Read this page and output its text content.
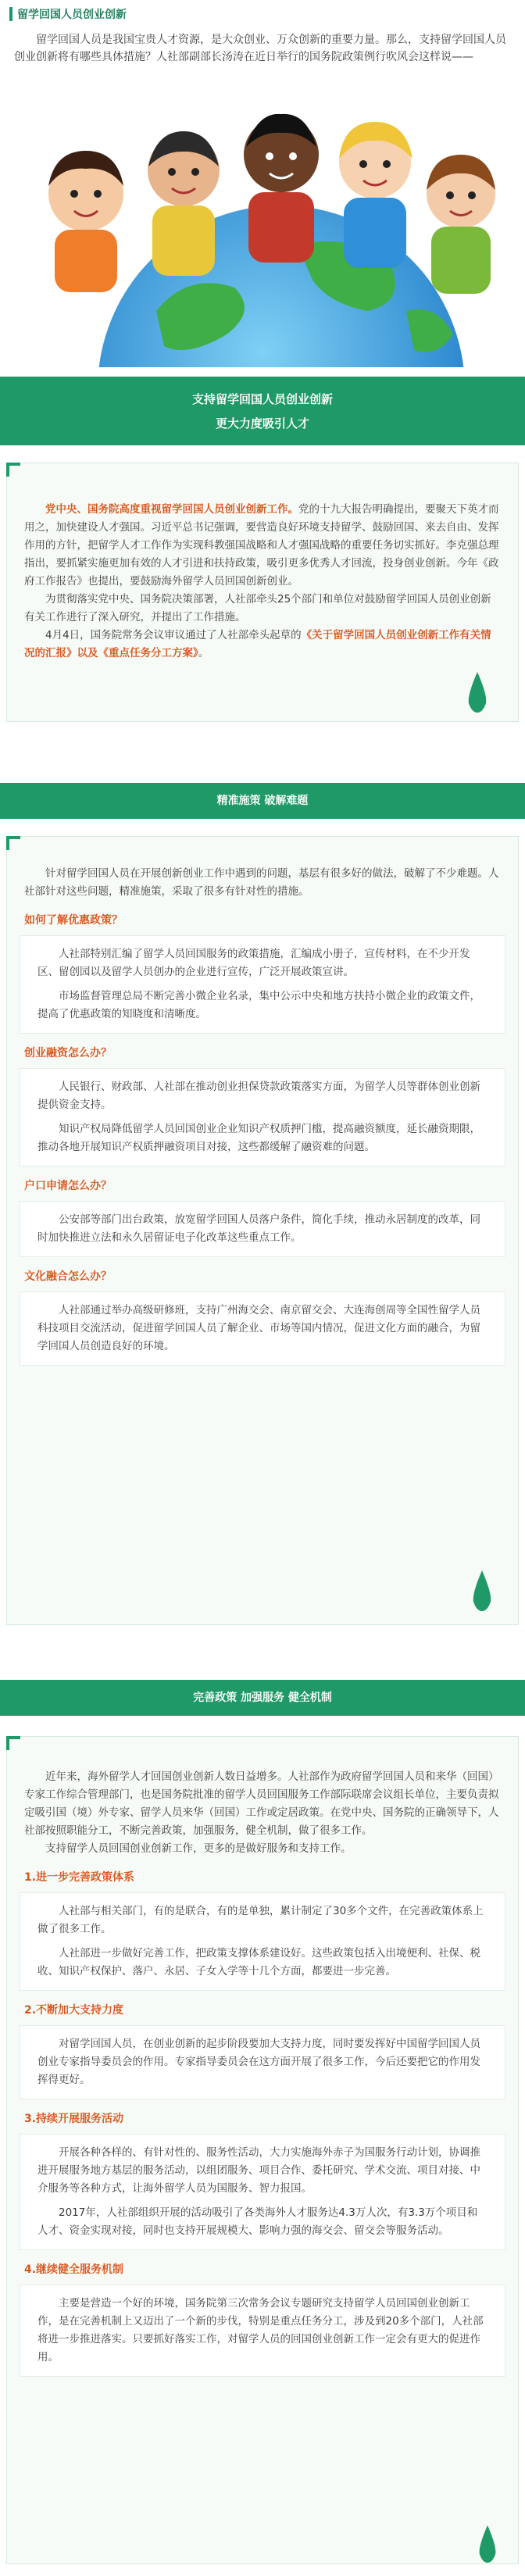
留学回国人员创业创新

留学回国人员是我国宝贵人才资源，是大众创业、万众创新的重要力量。那么，支持留学回国人员创业创新将有哪些具体措施？人社部副部长汤涛在近日举行的国务院政策例行吹风会这样说——

支持留学回国人员创业创新
更大力度吸引人才

党中央、国务院高度重视留学回国人员创业创新工作。党的十九大报告明确提出，要聚天下英才而用之，加快建设人才强国。习近平总书记强调，要营造良好环境支持留学、鼓励回国、来去自由、发挥作用的方针，把留学人才工作作为实现科教强国战略和人才强国战略的重要任务切实抓好。李克强总理指出，要抓紧实施更加有效的人才引进和扶持政策，吸引更多优秀人才回流，投身创业创新。今年《政府工作报告》也提出，要鼓励海外留学人员回国创新创业。

为贯彻落实党中央、国务院决策部署，人社部牵头25个部门和单位对鼓励留学回国人员创业创新有关工作进行了深入研究，并提出了工作措施。

4月4日，国务院常务会议审议通过了人社部牵头起草的《关于留学回国人员创业创新工作有关情况的汇报》以及《重点任务分工方案》。

精准施策 破解难题

针对留学回国人员在开展创新创业工作中遇到的问题，基层有很多好的做法，破解了不少难题。人社部针对这些问题，精准施策，采取了很多有针对性的措施。

如何了解优惠政策？

人社部特别汇编了留学人员回国服务的政策措施，汇编成小册子，宣传材料，在不少开发区、留创园以及留学人员创办的企业进行宣传，广泛开展政策宣讲。

市场监督管理总局不断完善小微企业名录，集中公示中央和地方扶持小微企业的政策文件，提高了优惠政策的知晓度和清晰度。

创业融资怎么办？

人民银行、财政部、人社部在推动创业担保贷款政策落实方面，为留学人员等群体创业创新提供资金支持。

知识产权局降低留学人员回国创业企业知识产权质押门槛，提高融资额度，延长融资期限，推动各地开展知识产权质押融资项目对接，这些都缓解了融资难的问题。

户口申请怎么办？

公安部等部门出台政策，放宽留学回国人员落户条件，简化手续，推动永居制度的改革，同时加快推进立法和永久居留证电子化改革这些重点工作。

文化融合怎么办？

人社部通过举办高级研修班，支持广州海交会、南京留交会、大连海创周等全国性留学人员科技项目交流活动，促进留学回国人员了解企业、市场等国内情况，促进文化方面的融合，为留学回国人员创造良好的环境。

完善政策 加强服务 健全机制

近年来，海外留学人才回国创业创新人数日益增多。人社部作为政府留学回国人员和来华（回国）专家工作综合管理部门，也是国务院批准的留学人员回国服务工作部际联席会议组长单位，主要负责拟定吸引国（境）外专家、留学人员来华（回国）工作或定居政策。在党中央、国务院的正确领导下，人社部按照职能分工，不断完善政策，加强服务，健全机制，做了很多工作。

支持留学人员回国创业创新工作，更多的是做好服务和支持工作。

1.进一步完善政策体系

人社部与相关部门，有的是联合，有的是单独，累计制定了30多个文件，在完善政策体系上做了很多工作。

人社部进一步做好完善工作，把政策支撑体系建设好。这些政策包括入出境便利、社保、税收、知识产权保护、落户、永居、子女入学等十几个方面，都要进一步完善。

2.不断加大支持力度

对留学回国人员，在创业创新的起步阶段要加大支持力度，同时要发挥好中国留学回国人员创业专家指导委员会的作用。专家指导委员会在这方面开展了很多工作，今后还要把它的作用发挥得更好。

3.持续开展服务活动

开展各种各样的、有针对性的、服务性活动，大力实施海外赤子为国服务行动计划，协调推进开展服务地方基层的服务活动，以组团服务、项目合作、委托研究、学术交流、项目对接、中介服务等各种方式，让海外留学人员为国服务、智力报国。

2017年，人社部组织开展的活动吸引了各类海外人才服务达4.3万人次，有3.3万个项目和人才、资金实现对接，同时也支持开展规模大、影响力强的海交会、留交会等服务活动。

4.继续健全服务机制

主要是营造一个好的环境，国务院第三次常务会议专题研究支持留学人员回国创业创新工作，是在完善机制上又迈出了一个新的步伐，特别是重点任务分工，涉及到20多个部门，人社部将进一步推进落实。只要抓好落实工作，对留学人员的回国创业创新工作一定会有更大的促进作用。
